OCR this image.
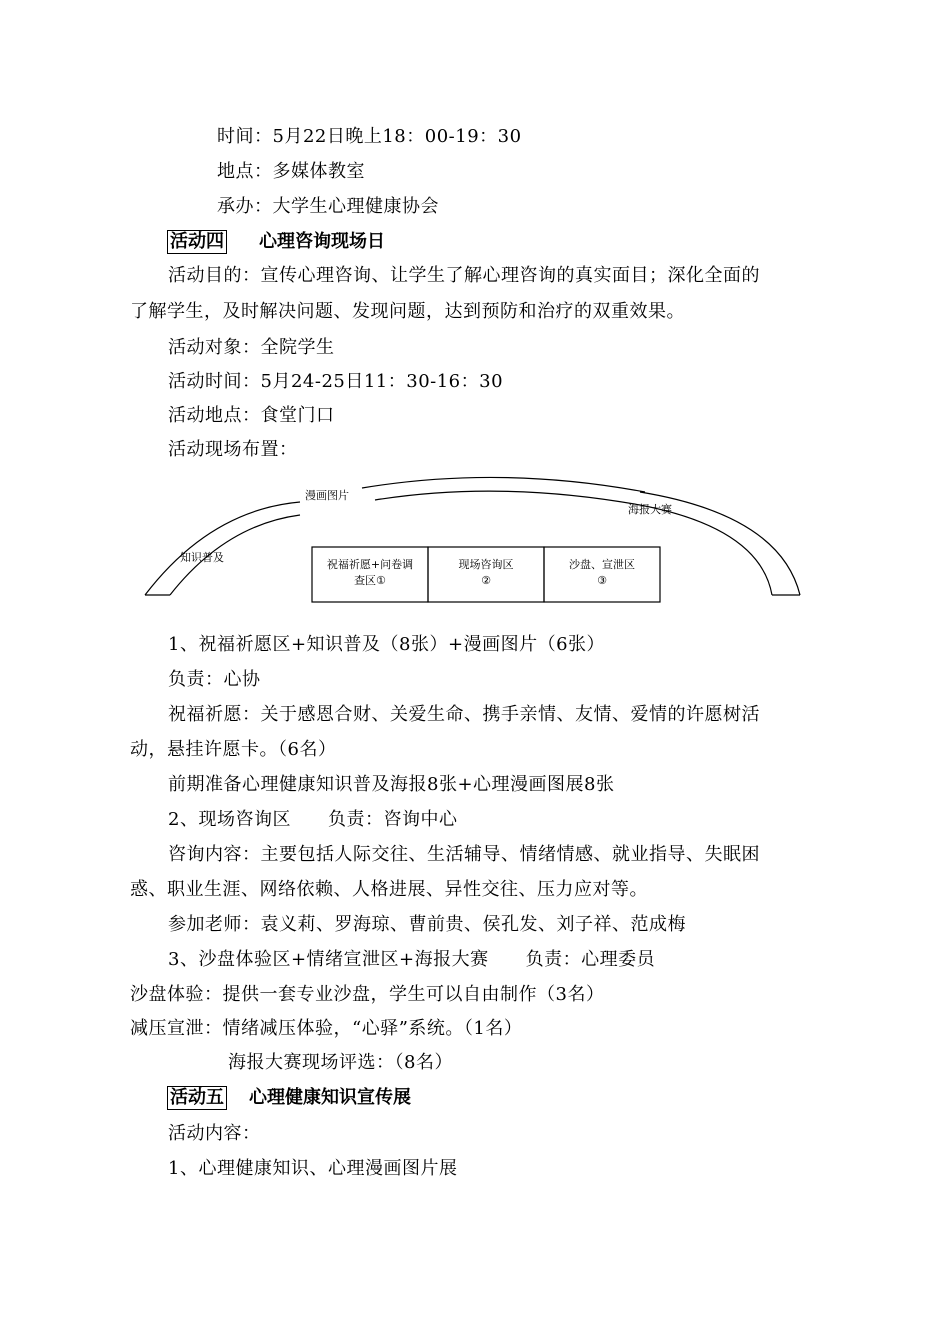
时间：5月22日晚上18：00-19：30
地点：多媒体教室
承办：大学生心理健康协会
活动四 心理咨询现场日
活动目的：宣传心理咨询、让学生了解心理咨询的真实面目；深化全面的
了解学生，及时解决问题、发现问题，达到预防和治疗的双重效果。
活动对象：全院学生
活动时间：5月24-25日11：30-16：30
活动地点：食堂门口
活动现场布置：
知识普及
漫画图片
海报大赛
祝福祈愿+问卷调
查区①
现场咨询区
②
沙盘、宣泄区
③
1、祝福祈愿区+知识普及（8张）+漫画图片（6张）
负责：心协
祝福祈愿：关于感恩合财、关爱生命、携手亲情、友情、爱情的许愿树活
动，悬挂许愿卡。（6名）
前期准备心理健康知识普及海报8张+心理漫画图展8张
2、现场咨询区　　负责：咨询中心
咨询内容：主要包括人际交往、生活辅导、情绪情感、就业指导、失眠困
惑、职业生涯、网络依赖、人格进展、异性交往、压力应对等。
参加老师：袁义莉、罗海琼、曹前贵、侯孔发、刘子祥、范成梅
3、沙盘体验区+情绪宣泄区+海报大赛　　负责：心理委员
沙盘体验：提供一套专业沙盘，学生可以自由制作（3名）
减压宣泄：情绪减压体验，“心驿”系统。（1名）
海报大赛现场评选：（8名）
活动五 心理健康知识宣传展
活动内容：
1、心理健康知识、心理漫画图片展
